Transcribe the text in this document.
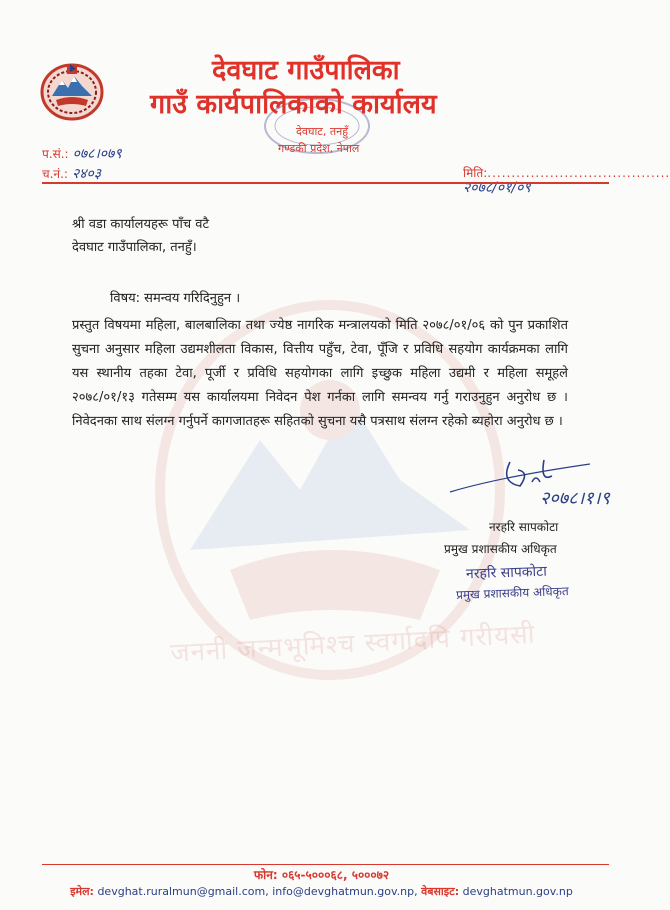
जननी जन्मभूमिश्च स्वर्गादपि गरीयसी
देवघाट गाउँपालिका
गाउँ कार्यपालिकाको कार्यालय
देवघाट, तनहुँ
गण्डकी प्रदेश, नेपाल
प.सं.: ०७८।०७९
च.नं.: २४०३	मिति:......................................
२०७८/०१/०९
श्री वडा कार्यालयहरू पाँच वटै
देवघाट गाउँपालिका, तनहुँ।
विषय: समन्वय गरिदिनुहुन ।
प्रस्तुत विषयमा महिला, बालबालिका तथा ज्येष्ठ नागरिक मन्त्रालयको मिति २०७८/०१/०६ को पुन प्रकाशित सुचना अनुसार महिला उद्यमशीलता विकास, वित्तीय पहुँच, टेवा, पूँजि र प्रविधि सहयोग कार्यक्रमका लागि यस स्थानीय तहका टेवा, पूर्जी र प्रविधि सहयोगका लागि इच्छुक महिला उद्यमी र महिला समूहले २०७८/०१/१३ गतेसम्म यस कार्यालयमा निवेदन पेश गर्नका लागि समन्वय गर्नु गराउनुहुन अनुरोध छ । निवेदनका साथ संलग्न गर्नुपर्ने कागजातहरू सहितको सुचना यसै पत्रसाथ संलग्न रहेको ब्यहोरा अनुरोध छ ।
२०७८।१।९
नरहरि सापकोटा
प्रमुख प्रशासकीय अधिकृत
नरहरि सापकोटा
प्रमुख प्रशासकीय अधिकृत
फोन: ०६५-५०००६८, ५०००७२
इमेल: devghat.ruralmun@gmail.com, info@devghatmun.gov.np, वेबसाइट: devghatmun.gov.np
